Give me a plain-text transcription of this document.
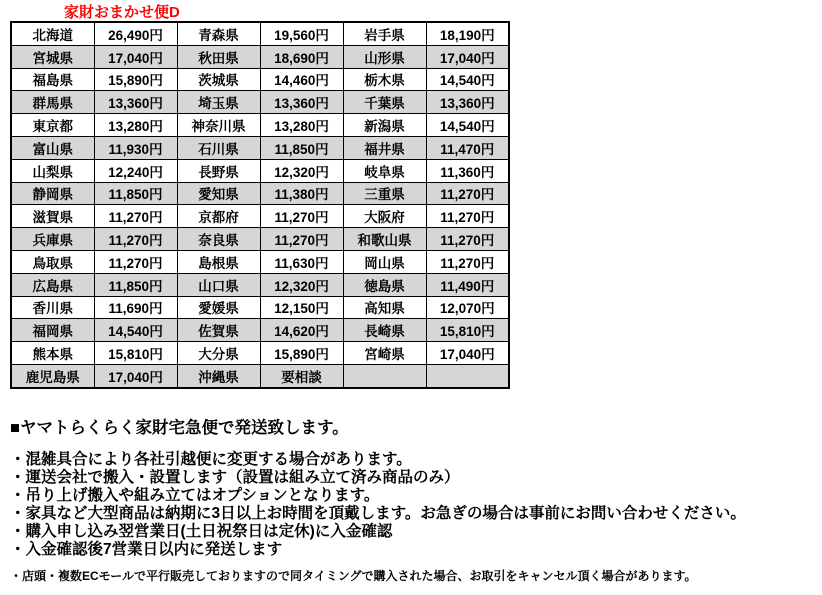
家財おまかせ便D
北海道	26,490円	青森県	19,560円	岩手県	18,190円
宮城県	17,040円	秋田県	18,690円	山形県	17,040円
福島県	15,890円	茨城県	14,460円	栃木県	14,540円
群馬県	13,360円	埼玉県	13,360円	千葉県	13,360円
東京都	13,280円	神奈川県	13,280円	新潟県	14,540円
富山県	11,930円	石川県	11,850円	福井県	11,470円
山梨県	12,240円	長野県	12,320円	岐阜県	11,360円
静岡県	11,850円	愛知県	11,380円	三重県	11,270円
滋賀県	11,270円	京都府	11,270円	大阪府	11,270円
兵庫県	11,270円	奈良県	11,270円	和歌山県	11,270円
鳥取県	11,270円	島根県	11,630円	岡山県	11,270円
広島県	11,850円	山口県	12,320円	徳島県	11,490円
香川県	11,690円	愛媛県	12,150円	高知県	12,070円
福岡県	14,540円	佐賀県	14,620円	長崎県	15,810円
熊本県	15,810円	大分県	15,890円	宮崎県	17,040円
鹿児島県	17,040円	沖縄県	要相談		
■ヤマトらくらく家財宅急便で発送致します。
・混雑具合により各社引越便に変更する場合があります。
・運送会社で搬入・設置します（設置は組み立て済み商品のみ）
・吊り上げ搬入や組み立てはオプションとなります。
・家具など大型商品は納期に3日以上お時間を頂戴します。お急ぎの場合は事前にお問い合わせください。
・購入申し込み翌営業日(土日祝祭日は定休)に入金確認
・入金確認後7営業日以内に発送します
・店頭・複数ECモールで平行販売しておりますので同タイミングで購入された場合、お取引をキャンセル頂く場合があります。
